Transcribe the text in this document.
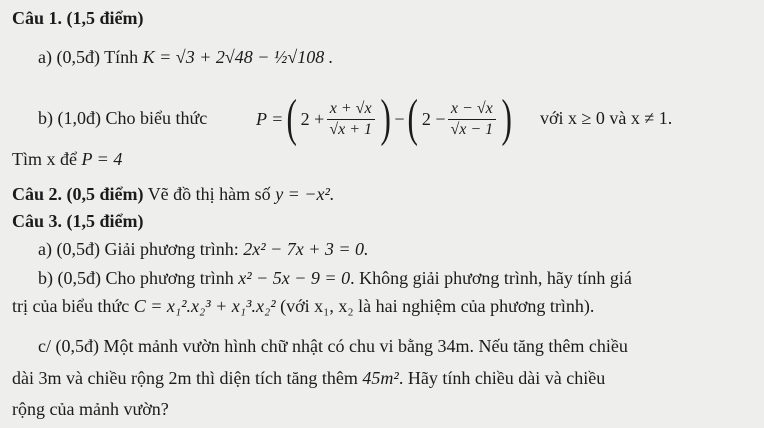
Câu 1. (1,5 điểm)
a) (0,5đ) Tính K = √3 + 2√48 − ½√108 .
b) (1,0đ) Cho biểu thức	P = ( $2 + \frac{x + √x}{√x + 1}$ ) − ( $2 - \frac{x - √x}{√x - 1}$ ) với x ≥ 0 và x ≠ 1.
Tìm x để P = 4
Câu 2. (0,5 điểm) Vẽ đồ thị hàm số y = −x².
Câu 3. (1,5 điểm)
a) (0,5đ) Giải phương trình: 2x² − 7x + 3 = 0.
b) (0,5đ) Cho phương trình x² − 5x − 9 = 0. Không giải phương trình, hãy tính giá
trị của biểu thức C = x₁².x₂³ + x₁³.x₂² (với x₁, x₂ là hai nghiệm của phương trình).
c/ (0,5đ) Một mảnh vườn hình chữ nhật có chu vi bằng 34m. Nếu tăng thêm chiều
dài 3m và chiều rộng 2m thì diện tích tăng thêm 45m². Hãy tính chiều dài và chiều
rộng của mảnh vườn?
